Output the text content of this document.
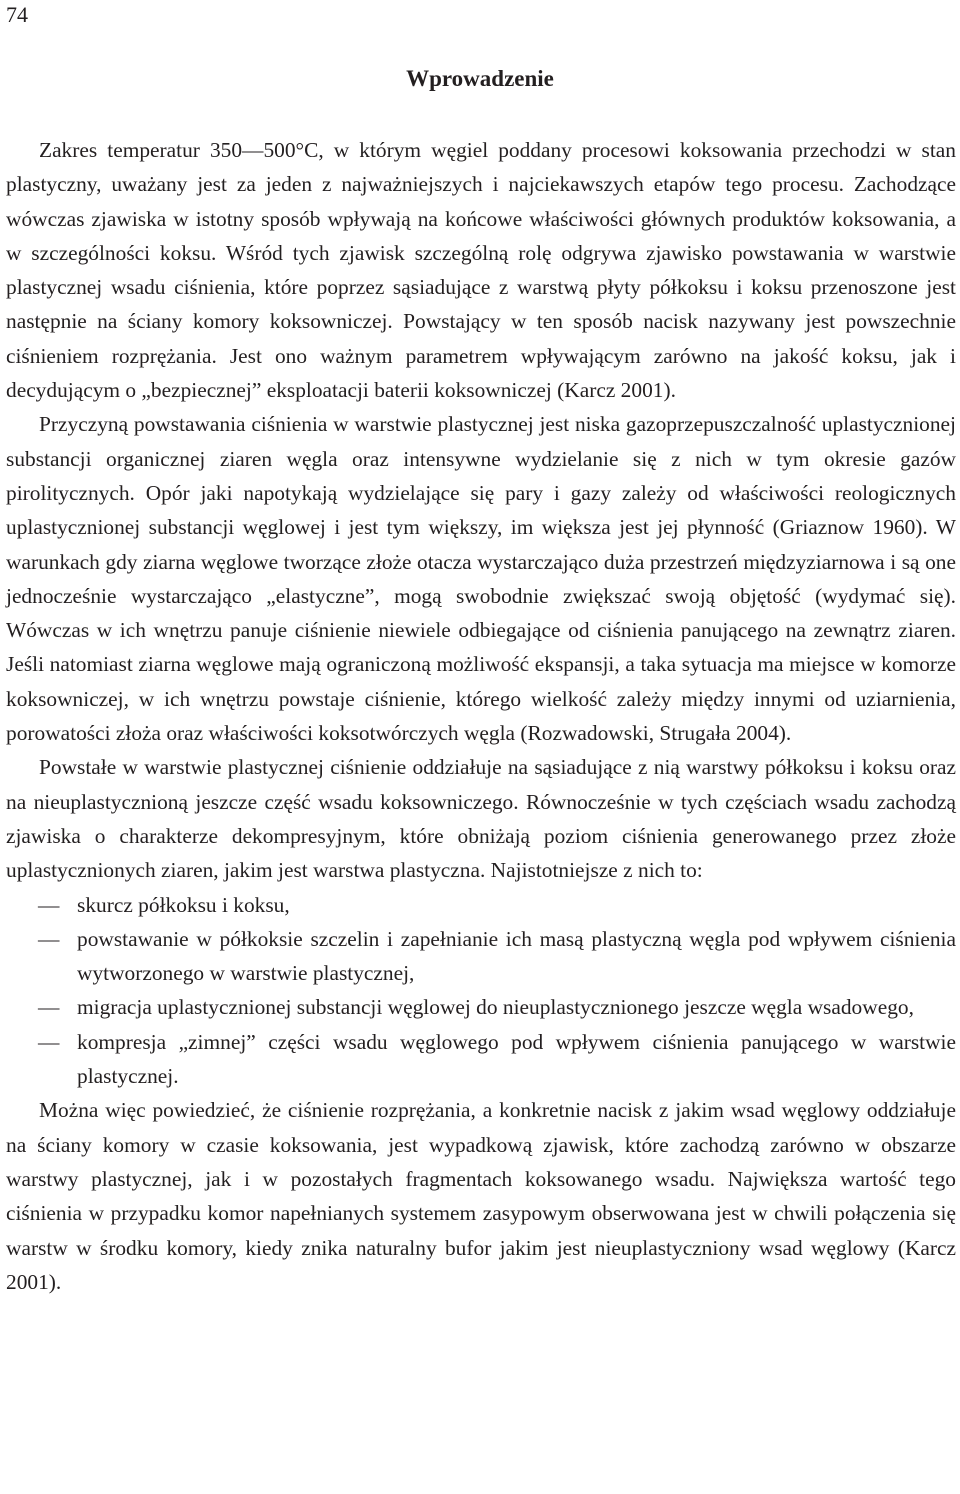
74
Wprowadzenie

Zakres temperatur 350—500°C, w którym węgiel poddany procesowi koksowania przechodzi w stan plastyczny, uważany jest za jeden z najważniejszych i najciekawszych etapów tego procesu. Zachodzące wówczas zjawiska w istotny sposób wpływają na końcowe właściwości głównych produktów koksowania, a w szczególności koksu. Wśród tych zjawisk szczególną rolę odgrywa zjawisko powstawania w warstwie plastycznej wsadu ciśnienia, które poprzez sąsiadujące z warstwą płyty półkoksu i koksu przenoszone jest następnie na ściany komory koksowniczej. Powstający w ten sposób nacisk nazywany jest powszechnie ciśnieniem rozprężania. Jest ono ważnym parametrem wpływającym zarówno na jakość koksu, jak i decydującym o „bezpiecznej” eksploatacji baterii koksowniczej (Karcz 2001).

Przyczyną powstawania ciśnienia w warstwie plastycznej jest niska gazoprzepuszczalność uplastycznionej substancji organicznej ziaren węgla oraz intensywne wydzielanie się z nich w tym okresie gazów pirolitycznych. Opór jaki napotykają wydzielające się pary i gazy zależy od właściwości reologicznych uplastycznionej substancji węglowej i jest tym większy, im większa jest jej płynność (Griaznow 1960). W warunkach gdy ziarna węglowe tworzące złoże otacza wystarczająco duża przestrzeń międzyziarnowa i są one jednocześnie wystarczająco „elastyczne”, mogą swobodnie zwiększać swoją objętość (wydymać się). Wówczas w ich wnętrzu panuje ciśnienie niewiele odbiegające od ciśnienia panującego na zewnątrz ziaren. Jeśli natomiast ziarna węglowe mają ograniczoną możliwość ekspansji, a taka sytuacja ma miejsce w komorze koksowniczej, w ich wnętrzu powstaje ciśnienie, którego wielkość zależy między innymi od uziarnienia, porowatości złoża oraz właściwości koksotwórczych węgla (Rozwadowski, Strugała 2004).

Powstałe w warstwie plastycznej ciśnienie oddziałuje na sąsiadujące z nią warstwy półkoksu i koksu oraz na nieuplastycznioną jeszcze część wsadu koksowniczego. Równocześnie w tych częściach wsadu zachodzą zjawiska o charakterze dekompresyjnym, które obniżają poziom ciśnienia generowanego przez złoże uplastycznionych ziaren, jakim jest warstwa plastyczna. Najistotniejsze z nich to:

— skurcz półkoksu i koksu,
— powstawanie w półkoksie szczelin i zapełnianie ich masą plastyczną węgla pod wpływem ciśnienia wytworzonego w warstwie plastycznej,
— migracja uplastycznionej substancji węglowej do nieuplastycznionego jeszcze węgla wsadowego,
— kompresja „zimnej” części wsadu węglowego pod wpływem ciśnienia panującego w warstwie plastycznej.

Można więc powiedzieć, że ciśnienie rozprężania, a konkretnie nacisk z jakim wsad węglowy oddziałuje na ściany komory w czasie koksowania, jest wypadkową zjawisk, które zachodzą zarówno w obszarze warstwy plastycznej, jak i w pozostałych fragmentach koksowanego wsadu. Największa wartość tego ciśnienia w przypadku komor napełnianych systemem zasypowym obserwowana jest w chwili połączenia się warstw w środku komory, kiedy znika naturalny bufor jakim jest nieuplastyczniony wsad węglowy (Karcz 2001).
